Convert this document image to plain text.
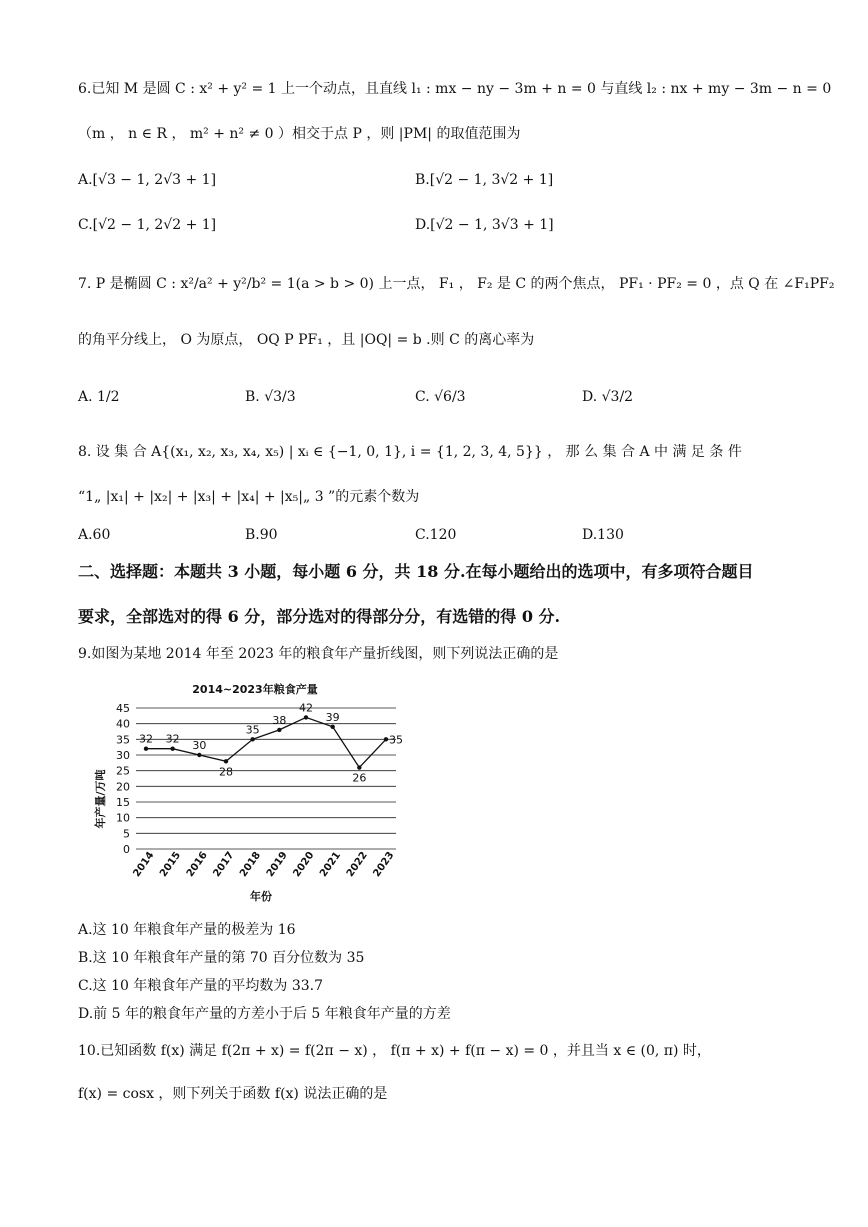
6.已知 M 是圆 C : x² + y² = 1 上一个动点，且直线 l₁ : mx − ny − 3m + n = 0 与直线 l₂ : nx + my − 3m − n = 0
（m ， n ∈ R ， m² + n² ≠ 0 ）相交于点 P ，则 |PM| 的取值范围为
A.[√3 − 1, 2√3 + 1]	B.[√2 − 1, 3√2 + 1]
C.[√2 − 1, 2√2 + 1]	D.[√2 − 1, 3√3 + 1]
7. P 是椭圆 C : x²/a² + y²/b² = 1(a > b > 0) 上一点， F₁ ， F₂ 是 C 的两个焦点， PF₁ · PF₂ = 0 ，点 Q 在 ∠F₁PF₂
的角平分线上， O 为原点， OQ P PF₁ ，且 |OQ| = b .则 C 的离心率为
A. 1/2	B. √3/3	C. √6/3	D. √3/2
8. 设 集 合 A{(x₁, x₂, x₃, x₄, x₅) | xᵢ ∈ {−1, 0, 1}, i = {1, 2, 3, 4, 5}} ， 那 么 集 合 A 中 满 足 条 件
“1„ |x₁| + |x₂| + |x₃| + |x₄| + |x₅|„ 3 ”的元素个数为
A.60	B.90	C.120	D.130
二、选择题：本题共 3 小题，每小题 6 分，共 18 分.在每小题给出的选项中，有多项符合题目
要求，全部选对的得 6 分，部分选对的得部分分，有选错的得 0 分.
9.如图为某地 2014 年至 2023 年的粮食年产量折线图，则下列说法正确的是
2014~2023年粮食产量
0
5
10
15
20
25
30
35
40
45
2014 2015 2016 2017 2018 2019 2020 2021 2022 2023
32 32 30
28
35
38
42
39
26
35
年产量/万吨
年份
A.这 10 年粮食年产量的极差为 16
B.这 10 年粮食年产量的第 70 百分位数为 35
C.这 10 年粮食年产量的平均数为 33.7
D.前 5 年的粮食年产量的方差小于后 5 年粮食年产量的方差
10.已知函数 f(x) 满足 f(2π + x) = f(2π − x) ， f(π + x) + f(π − x) = 0 ，并且当 x ∈ (0, π) 时，
f(x) = cosx ，则下列关于函数 f(x) 说法正确的是
